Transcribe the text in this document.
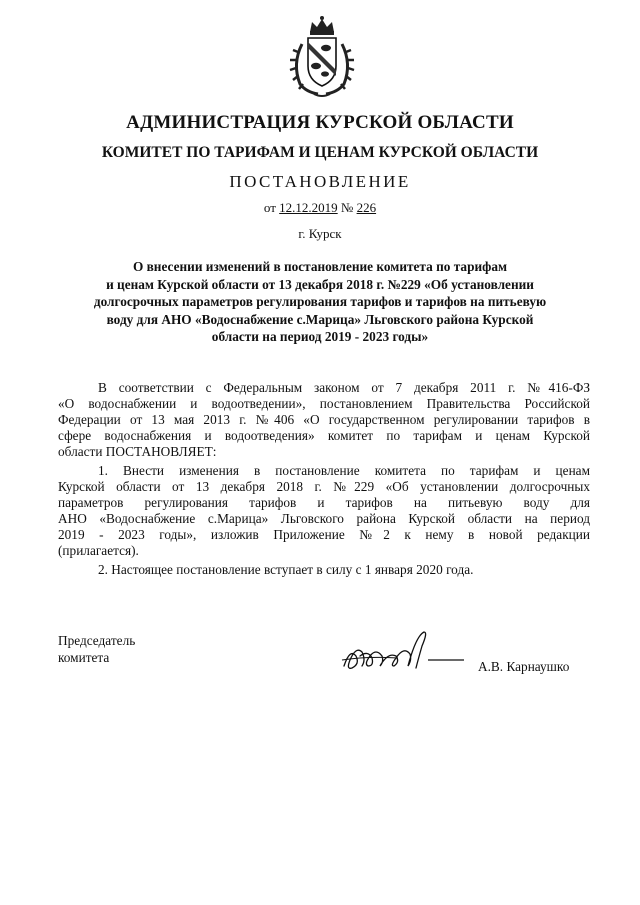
АДМИНИСТРАЦИЯ КУРСКОЙ ОБЛАСТИ
КОМИТЕТ ПО ТАРИФАМ И ЦЕНАМ КУРСКОЙ ОБЛАСТИ
ПОСТАНОВЛЕНИЕ
от 12.12.2019 № 226
г. Курск
О внесении изменений в постановление комитета по тарифам
и ценам Курской области от 13 декабря 2018 г. №229 «Об установлении
долгосрочных параметров регулирования тарифов и тарифов на питьевую
воду для АНО «Водоснабжение с.Марица» Льговского района Курской
области на период 2019 - 2023 годы»
В соответствии с Федеральным законом от 7 декабря 2011 г. №416-ФЗ
«О водоснабжении и водоотведении», постановлением Правительства Российской
Федерации от 13 мая 2013 г. №406 «О государственном регулировании тарифов в
сфере водоснабжения и водоотведения» комитет по тарифам и ценам Курской
области ПОСТАНОВЛЯЕТ:
1. Внести изменения в постановление комитета по тарифам и ценам
Курской области от 13 декабря 2018 г. №229 «Об установлении долгосрочных
параметров регулирования тарифов и тарифов на питьевую воду для
АНО «Водоснабжение с.Марица» Льговского района Курской области на период
2019 - 2023 годы», изложив Приложение №2 к нему в новой редакции
(прилагается).
2. Настоящее постановление вступает в силу с 1 января 2020 года.
Председатель
комитета
А.В. Карнаушко
